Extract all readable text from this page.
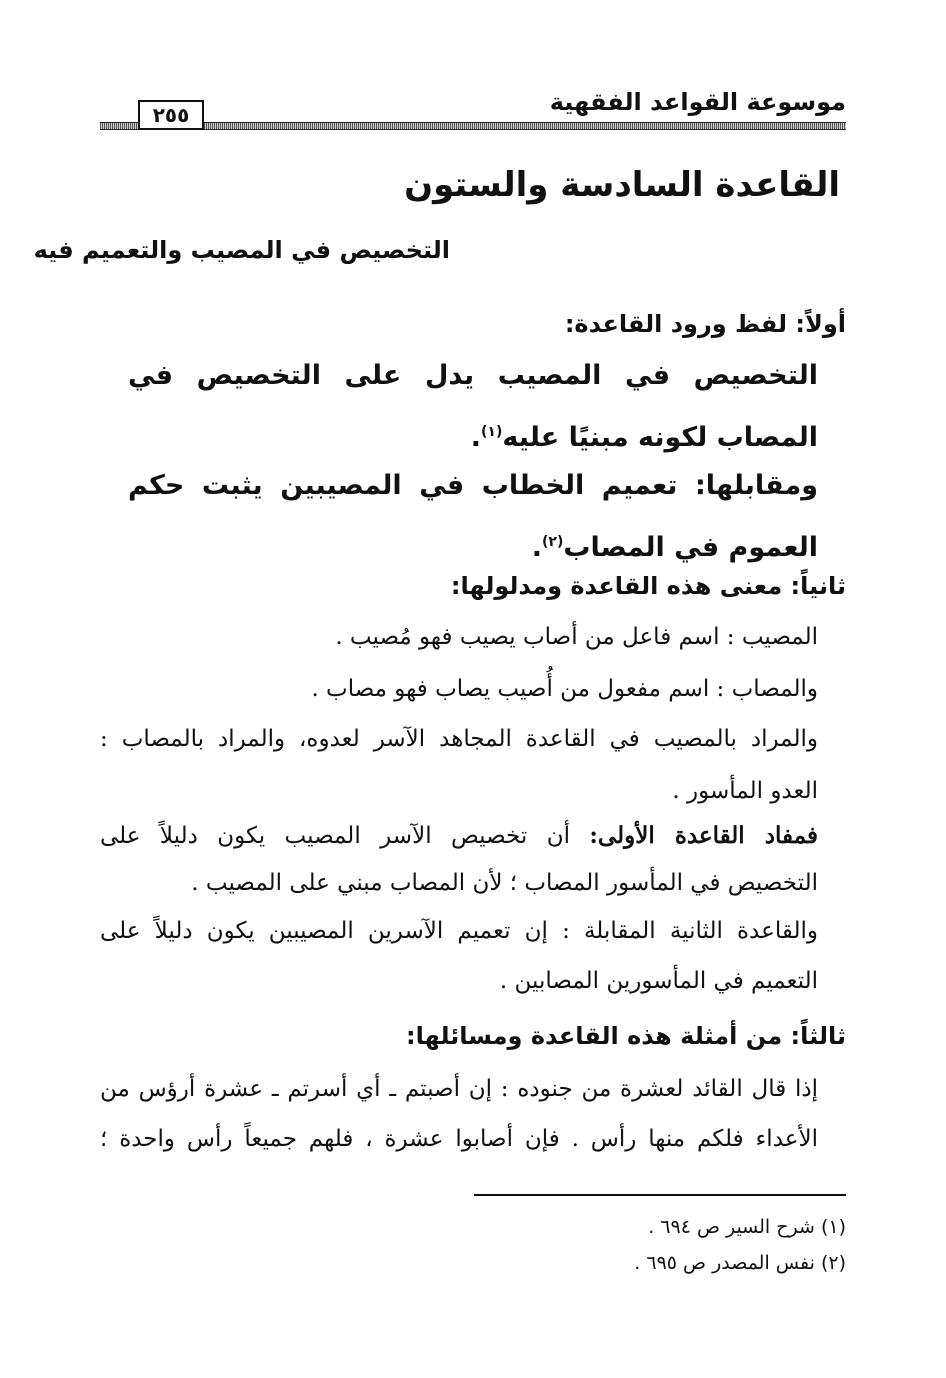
موسوعة القواعد الفقهية
٢٥٥
القاعدة السادسة والستون
التخصيص في المصيب والتعميم فيه
أولاً: لفظ ورود القاعدة:
التخصيص في المصيب يدل على التخصيص في المصاب لكونه مبنيًا عليه$^{(١)}$.
ومقابلها: تعميم الخطاب في المصيبين يثبت حكم العموم في المصاب$^{(٢)}$.
ثانياً: معنى هذه القاعدة ومدلولها:
المصيب : اسم فاعل من أصاب يصيب فهو مُصيب .
والمصاب : اسم مفعول من أُصيب يصاب فهو مصاب .
والمراد بالمصيب في القاعدة المجاهد الآسر لعدوه، والمراد بالمصاب :
العدو المأسور .
فمفاد القاعدة الأولى: أن تخصيص الآسر المصيب يكون دليلاً على
التخصيص في المأسور المصاب ؛ لأن المصاب مبني على المصيب .
والقاعدة الثانية المقابلة : إن تعميم الآسرين المصيبين يكون دليلاً على
التعميم في المأسورين المصابين .
ثالثاً: من أمثلة هذه القاعدة ومسائلها:
إذا قال القائد لعشرة من جنوده : إن أصبتم ـ أي أسرتم ـ عشرة أرؤس من
الأعداء فلكم منها رأس . فإن أصابوا عشرة ، فلهم جميعاً رأس واحدة ؛
(١) شرح السير ص ٦٩٤ .
(٢) نفس المصدر ص ٦٩٥ .
